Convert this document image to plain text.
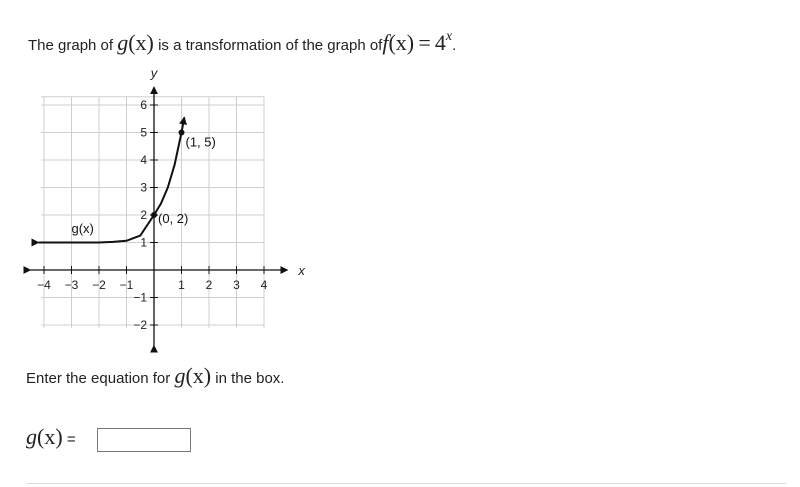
The graph of g(x) is a transformation of the graph off(x) = 4x.
−4 −3 −2 −1	1 2 3 4
−2
−1
1
2
3
4
5
6
x
y
g(x)
(0, 2)
(1, 5)
Enter the equation for g(x) in the box.
g(x) =
